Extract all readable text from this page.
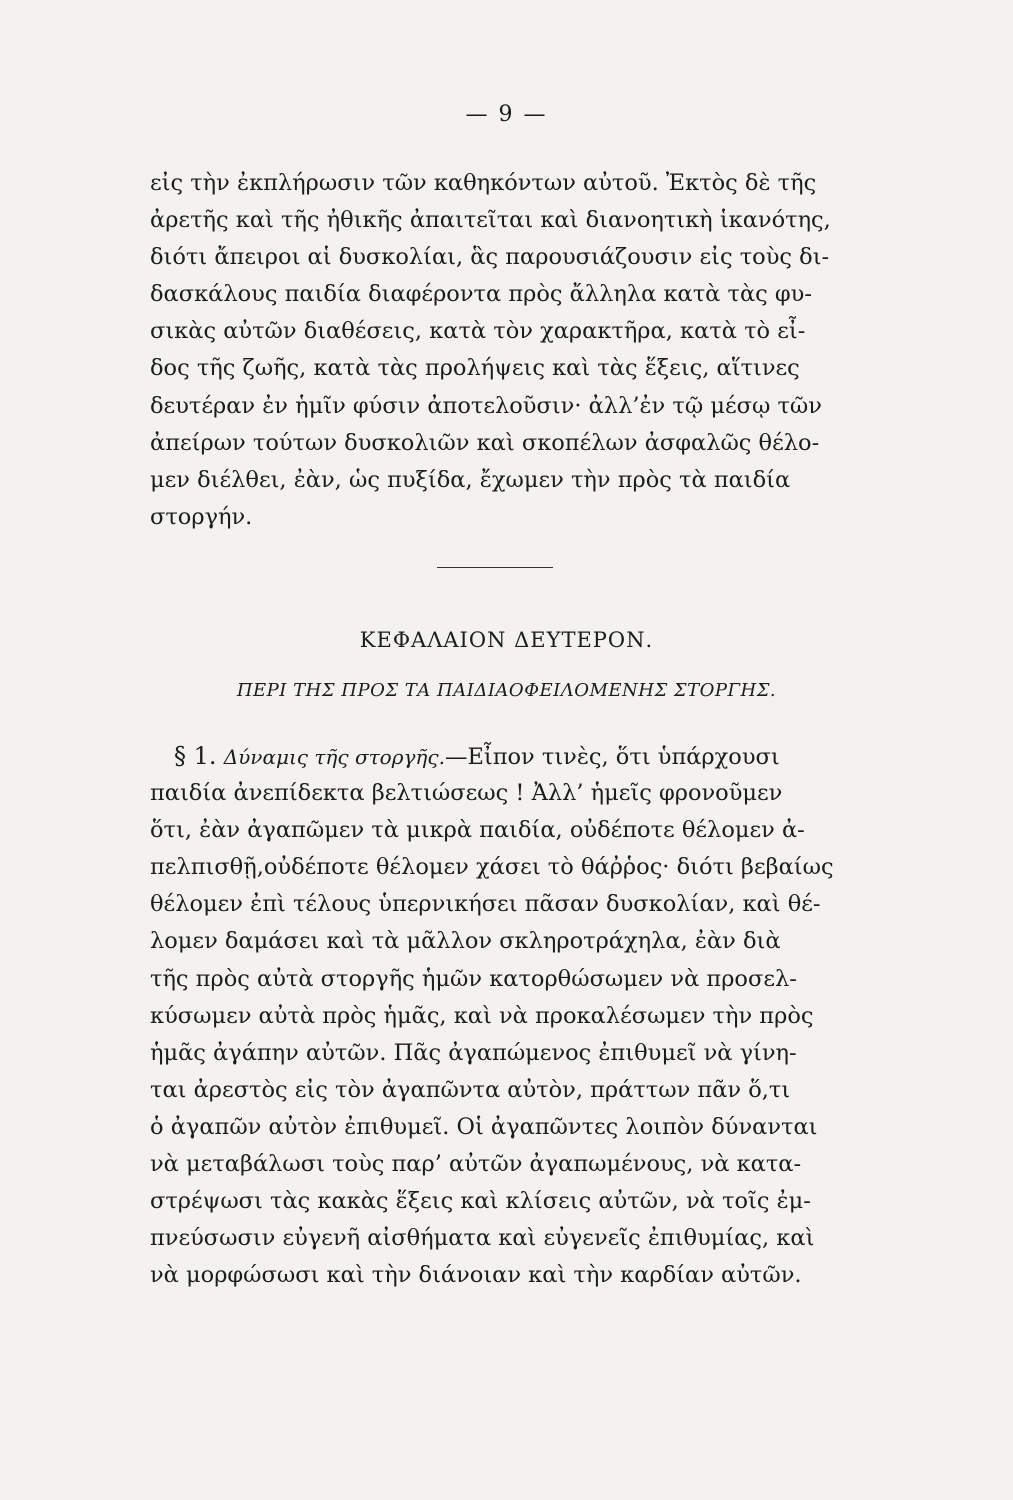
— 9 —
εἰς τὴν ἐκπλήρωσιν τῶν καθηκόντων αὐτοῦ. Ἐκτὸς δὲ τῆς
ἀρετῆς καὶ τῆς ἠθικῆς ἀπαιτεῖται καὶ διανοητικὴ ἱκανότης,
διότι ἄπειροι αἱ δυσκολίαι, ἃς παρουσιάζουσιν εἰς τοὺς δι-
δασκάλους παιδία διαφέροντα πρὸς ἄλληλα κατὰ τὰς φυ-
σικὰς αὐτῶν διαθέσεις, κατὰ τὸν χαρακτῆρα, κατὰ τὸ εἶ-
δος τῆς ζωῆς, κατὰ τὰς προλήψεις καὶ τὰς ἕξεις, αἵτινες
δευτέραν ἐν ἡμῖν φύσιν ἀποτελοῦσιν· ἀλλ’ἐν τῷ μέσῳ τῶν
ἀπείρων τούτων δυσκολιῶν καὶ σκοπέλων ἀσφαλῶς θέλο-
μεν διέλθει, ἐὰν, ὡς πυξίδα, ἔχωμεν τὴν πρὸς τὰ παιδία
στοργήν.
ΚΕΦΑΛΑΙΟΝ ΔΕΥΤΕΡΟΝ.
ΠΕΡΙ ΤΗΣ ΠΡΟΣ ΤΑ ΠΑΙΔΙΑΟΦΕΙΛΟΜΕΝΗΣ ΣΤΟΡΓΗΣ.
§ 1. Δύναμις τῆς στοργῆς.—Εἶπον τινὲς, ὅτι ὑπάρχουσι
παιδία ἀνεπίδεκτα βελτιώσεως ! Ἀλλ’ ἡμεῖς φρονοῦμεν
ὅτι, ἐὰν ἀγαπῶμεν τὰ μικρὰ παιδία, οὐδέποτε θέλομεν ἀ-
πελπισθῇ,οὐδέποτε θέλομεν χάσει τὸ θάῤῥος· διότι βεβαίως
θέλομεν ἐπὶ τέλους ὑπερνικήσει πᾶσαν δυσκολίαν, καὶ θέ-
λομεν δαμάσει καὶ τὰ μᾶλλον σκληροτράχηλα, ἐὰν διὰ
τῆς πρὸς αὐτὰ στοργῆς ἡμῶν κατορθώσωμεν νὰ προσελ-
κύσωμεν αὐτὰ πρὸς ἡμᾶς, καὶ νὰ προκαλέσωμεν τὴν πρὸς
ἡμᾶς ἀγάπην αὐτῶν. Πᾶς ἀγαπώμενος ἐπιθυμεῖ νὰ γίνη-
ται ἀρεστὸς εἰς τὸν ἀγαπῶντα αὐτὸν, πράττων πᾶν ὅ,τι
ὁ ἀγαπῶν αὐτὸν ἐπιθυμεῖ. Οἱ ἀγαπῶντες λοιπὸν δύνανται
νὰ μεταβάλωσι τοὺς παρ’ αὐτῶν ἀγαπωμένους, νὰ κατα-
στρέψωσι τὰς κακὰς ἕξεις καὶ κλίσεις αὐτῶν, νὰ τοῖς ἐμ-
πνεύσωσιν εὐγενῆ αἰσθήματα καὶ εὐγενεῖς ἐπιθυμίας, καὶ
νὰ μορφώσωσι καὶ τὴν διάνοιαν καὶ τὴν καρδίαν αὐτῶν.
